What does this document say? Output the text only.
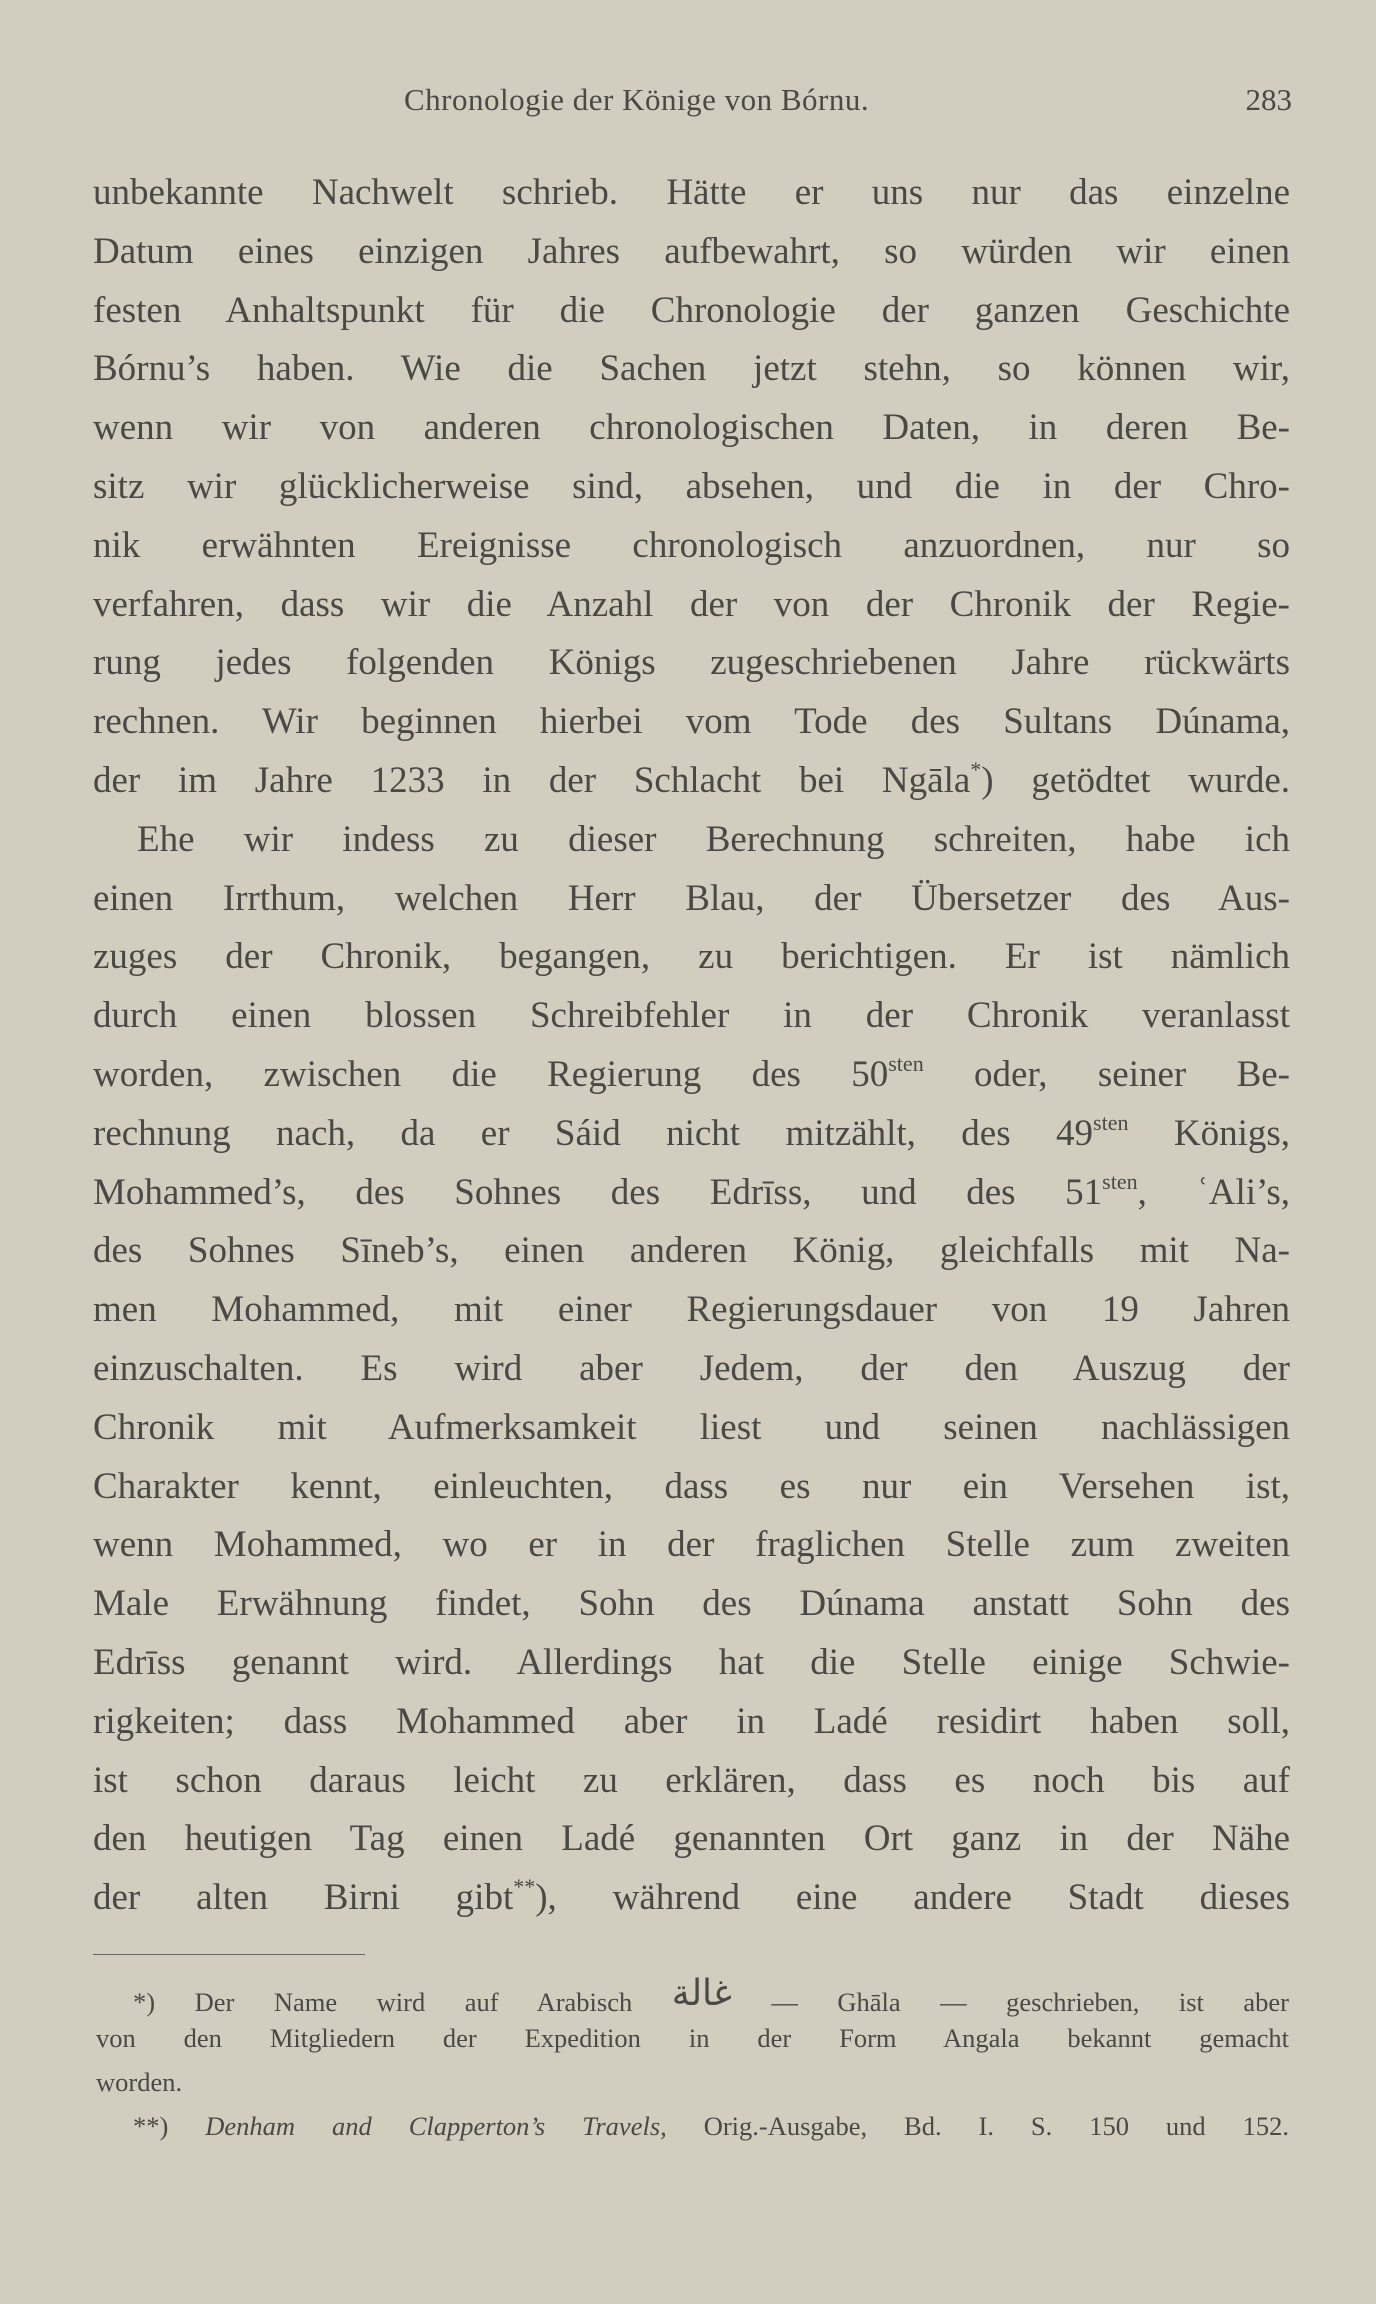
Chronologie der Könige von Bórnu.	283
unbekannte Nachwelt schrieb. Hätte er uns nur das einzelne
Datum eines einzigen Jahres aufbewahrt, so würden wir einen
festen Anhaltspunkt für die Chronologie der ganzen Geschichte
Bórnu’s haben. Wie die Sachen jetzt stehn, so können wir,
wenn wir von anderen chronologischen Daten, in deren Be-
sitz wir glücklicherweise sind, absehen, und die in der Chro-
nik erwähnten Ereignisse chronologisch anzuordnen, nur so
verfahren, dass wir die Anzahl der von der Chronik der Regie-
rung jedes folgenden Königs zugeschriebenen Jahre rückwärts
rechnen. Wir beginnen hierbei vom Tode des Sultans Dúnama,
der im Jahre 1233 in der Schlacht bei Ngāla*) getödtet wurde.
Ehe wir indess zu dieser Berechnung schreiten, habe ich
einen Irrthum, welchen Herr Blau, der Übersetzer des Aus-
zuges der Chronik, begangen, zu berichtigen. Er ist nämlich
durch einen blossen Schreibfehler in der Chronik veranlasst
worden, zwischen die Regierung des $50^{sten}$ oder, seiner Be-
rechnung nach, da er Sáid nicht mitzählt, des $49^{sten}$ Königs,
Mohammed’s, des Sohnes des Edrīss, und des $51^{sten}$, ʿAli’s,
des Sohnes Sīneb’s, einen anderen König, gleichfalls mit Na-
men Mohammed, mit einer Regierungsdauer von 19 Jahren
einzuschalten. Es wird aber Jedem, der den Auszug der
Chronik mit Aufmerksamkeit liest und seinen nachlässigen
Charakter kennt, einleuchten, dass es nur ein Versehen ist,
wenn Mohammed, wo er in der fraglichen Stelle zum zweiten
Male Erwähnung findet, Sohn des Dúnama anstatt Sohn des
Edrīss genannt wird. Allerdings hat die Stelle einige Schwie-
rigkeiten; dass Mohammed aber in Ladé residirt haben soll,
ist schon daraus leicht zu erklären, dass es noch bis auf
den heutigen Tag einen Ladé genannten Ort ganz in der Nähe
der alten Birni gibt**), während eine andere Stadt dieses
*) Der Name wird auf Arabisch غالة — Ghāla — geschrieben, ist aber
von den Mitgliedern der Expedition in der Form Angala bekannt gemacht
worden.
**) Denham and Clapperton’s Travels, Orig.-Ausgabe, Bd. I. S. 150 und 152.
